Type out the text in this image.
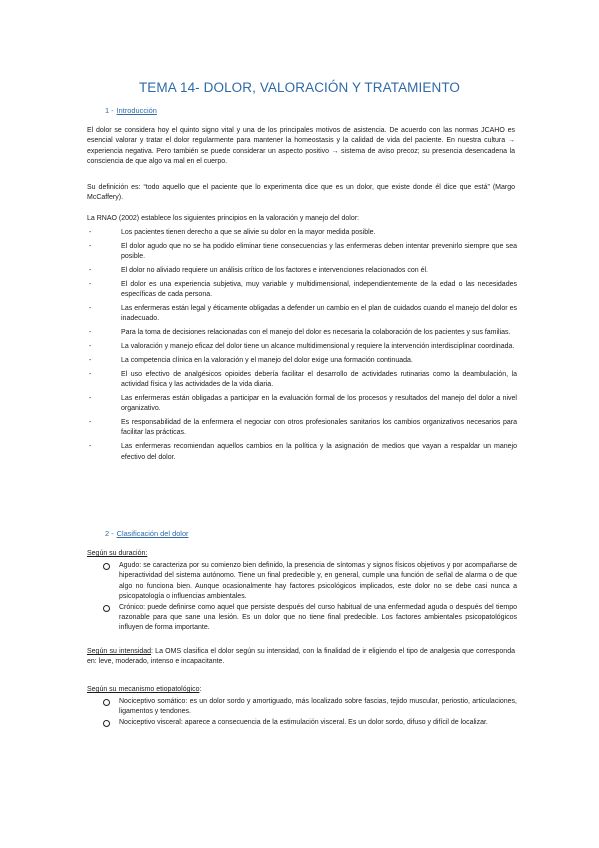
TEMA 14- DOLOR, VALORACIÓN Y TRATAMIENTO
1 - Introducción
El dolor se considera hoy el quinto signo vital y una de los principales motivos de asistencia. De acuerdo con las normas JCAHO es esencial valorar y tratar el dolor regularmente para mantener la homeostasis y la calidad de vida del paciente. En nuestra cultura → experiencia negativa. Pero también se puede considerar un aspecto positivo → sistema de aviso precoz; su presencia desencadena la consciencia de que algo va mal en el cuerpo.
Su definición es: “todo aquello que el paciente que lo experimenta dice que es un dolor, que existe donde él dice que está” (Margo McCaffery).
La RNAO (2002) establece los siguientes principios en la valoración y manejo del dolor:
-	Los pacientes tienen derecho a que se alivie su dolor en la mayor medida posible.
-	El dolor agudo que no se ha podido eliminar tiene consecuencias y las enfermeras deben intentar prevenirlo siempre que sea posible.
-	El dolor no aliviado requiere un análisis crítico de los factores e intervenciones relacionados con él.
-	El dolor es una experiencia subjetiva, muy variable y multidimensional, independientemente de la edad o las necesidades específicas de cada persona.
-	Las enfermeras están legal y éticamente obligadas a defender un cambio en el plan de cuidados cuando el manejo del dolor es inadecuado.
-	Para la toma de decisiones relacionadas con el manejo del dolor es necesaria la colaboración de los pacientes y sus familias.
-	La valoración y manejo eficaz del dolor tiene un alcance multidimensional y requiere la intervención interdisciplinar coordinada.
-	La competencia clínica en la valoración y el manejo del dolor exige una formación continuada.
-	El uso efectivo de analgésicos opioides debería facilitar el desarrollo de actividades rutinarias como la deambulación, la actividad física y las actividades de la vida diaria.
-	Las enfermeras están obligadas a participar en la evaluación formal de los procesos y resultados del manejo del dolor a nivel organizativo.
-	Es responsabilidad de la enfermera el negociar con otros profesionales sanitarios los cambios organizativos necesarios para facilitar las prácticas.
-	Las enfermeras recomiendan aquellos cambios en la política y la asignación de medios que vayan a respaldar un manejo efectivo del dolor.
2 - Clasificación del dolor
Según su duración:
Agudo: se caracteriza por su comienzo bien definido, la presencia de síntomas y signos físicos objetivos y por acompañarse de hiperactividad del sistema autónomo. Tiene un final predecible y, en general, cumple una función de señal de alarma o de que algo no funciona bien. Aunque ocasionalmente hay factores psicológicos implicados, este dolor no se debe casi nunca a psicopatología o influencias ambientales.
Crónico: puede definirse como aquel que persiste después del curso habitual de una enfermedad aguda o después del tiempo razonable para que sane una lesión. Es un dolor que no tiene final predecible. Los factores ambientales psicopatológicos influyen de forma importante.
Según su intensidad: La OMS clasifica el dolor según su intensidad, con la finalidad de ir eligiendo el tipo de analgesia que corresponda en: leve, moderado, intenso e incapacitante.
Según su mecanismo etiopatológico:
Nociceptivo somático: es un dolor sordo y amortiguado, más localizado sobre fascias, tejido muscular, periostio, articulaciones, ligamentos y tendones.
Nociceptivo visceral: aparece a consecuencia de la estimulación visceral. Es un dolor sordo, difuso y difícil de localizar.
